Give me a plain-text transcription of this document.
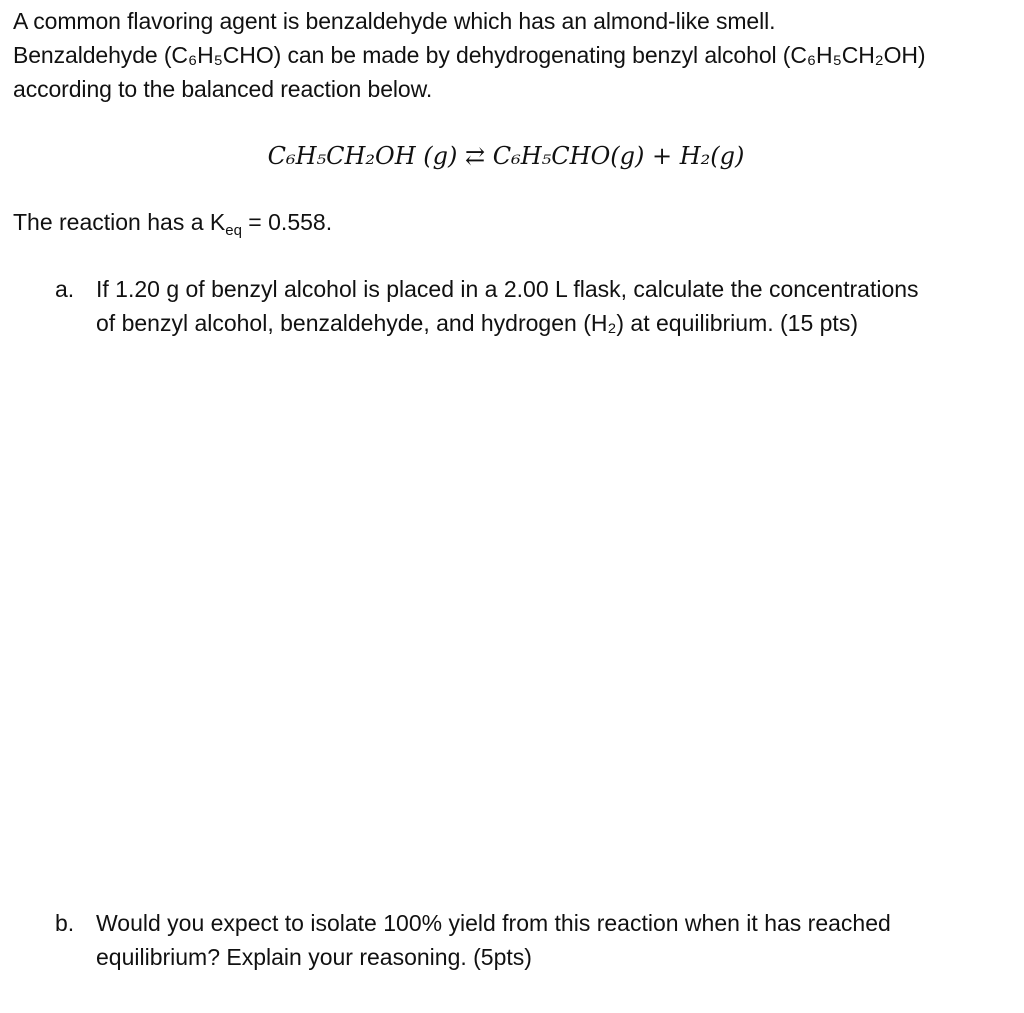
A common flavoring agent is benzaldehyde which has an almond-like smell.
Benzaldehyde (C₆H₅CHO) can be made by dehydrogenating benzyl alcohol (C₆H₅CH₂OH)
according to the balanced reaction below.
C₆H₅CH₂OH (g) ⇄ C₆H₅CHO(g) + H₂(g)
The reaction has a $K_{eq} = 0.558$.
a. If 1.20 g of benzyl alcohol is placed in a 2.00 L flask, calculate the concentrations
of benzyl alcohol, benzaldehyde, and hydrogen (H₂) at equilibrium. (15 pts)
b. Would you expect to isolate 100% yield from this reaction when it has reached
equilibrium? Explain your reasoning. (5pts)
